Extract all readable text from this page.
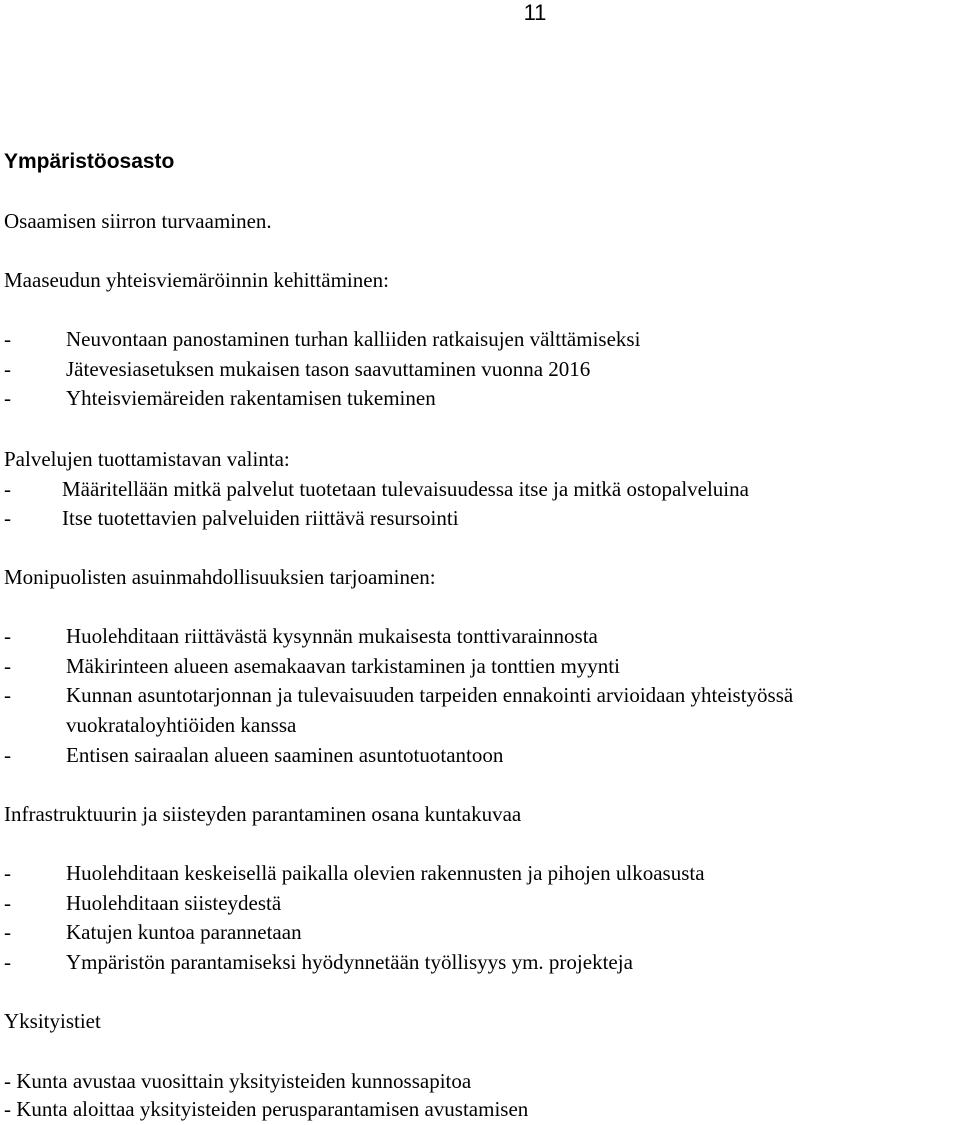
11
Ympäristöosasto
Osaamisen siirron turvaaminen.
Maaseudun yhteisviemäröinnin kehittäminen:
-	Neuvontaan panostaminen turhan kalliiden ratkaisujen välttämiseksi
-	Jätevesiasetuksen mukaisen tason saavuttaminen vuonna 2016
-	Yhteisviemäreiden rakentamisen tukeminen
Palvelujen tuottamistavan valinta:
- Määritellään mitkä palvelut tuotetaan tulevaisuudessa itse ja mitkä ostopalveluina
- Itse tuotettavien palveluiden riittävä resursointi
Monipuolisten asuinmahdollisuuksien tarjoaminen:
-	Huolehditaan riittävästä kysynnän mukaisesta tonttivarainnosta
-	Mäkirinteen alueen asemakaavan tarkistaminen ja tonttien myynti
-	Kunnan asuntotarjonnan ja tulevaisuuden tarpeiden ennakointi arvioidaan yhteistyössä
vuokrataloyhtiöiden kanssa
-	Entisen sairaalan alueen saaminen asuntotuotantoon
Infrastruktuurin ja siisteyden parantaminen osana kuntakuvaa
-	Huolehditaan keskeisellä paikalla olevien rakennusten ja pihojen ulkoasusta
-	Huolehditaan siisteydestä
-	Katujen kuntoa parannetaan
-	Ympäristön parantamiseksi hyödynnetään työllisyys ym. projekteja
Yksityistiet
- Kunta avustaa vuosittain yksityisteiden kunnossapitoa
- Kunta aloittaa yksityisteiden perusparantamisen avustamisen
